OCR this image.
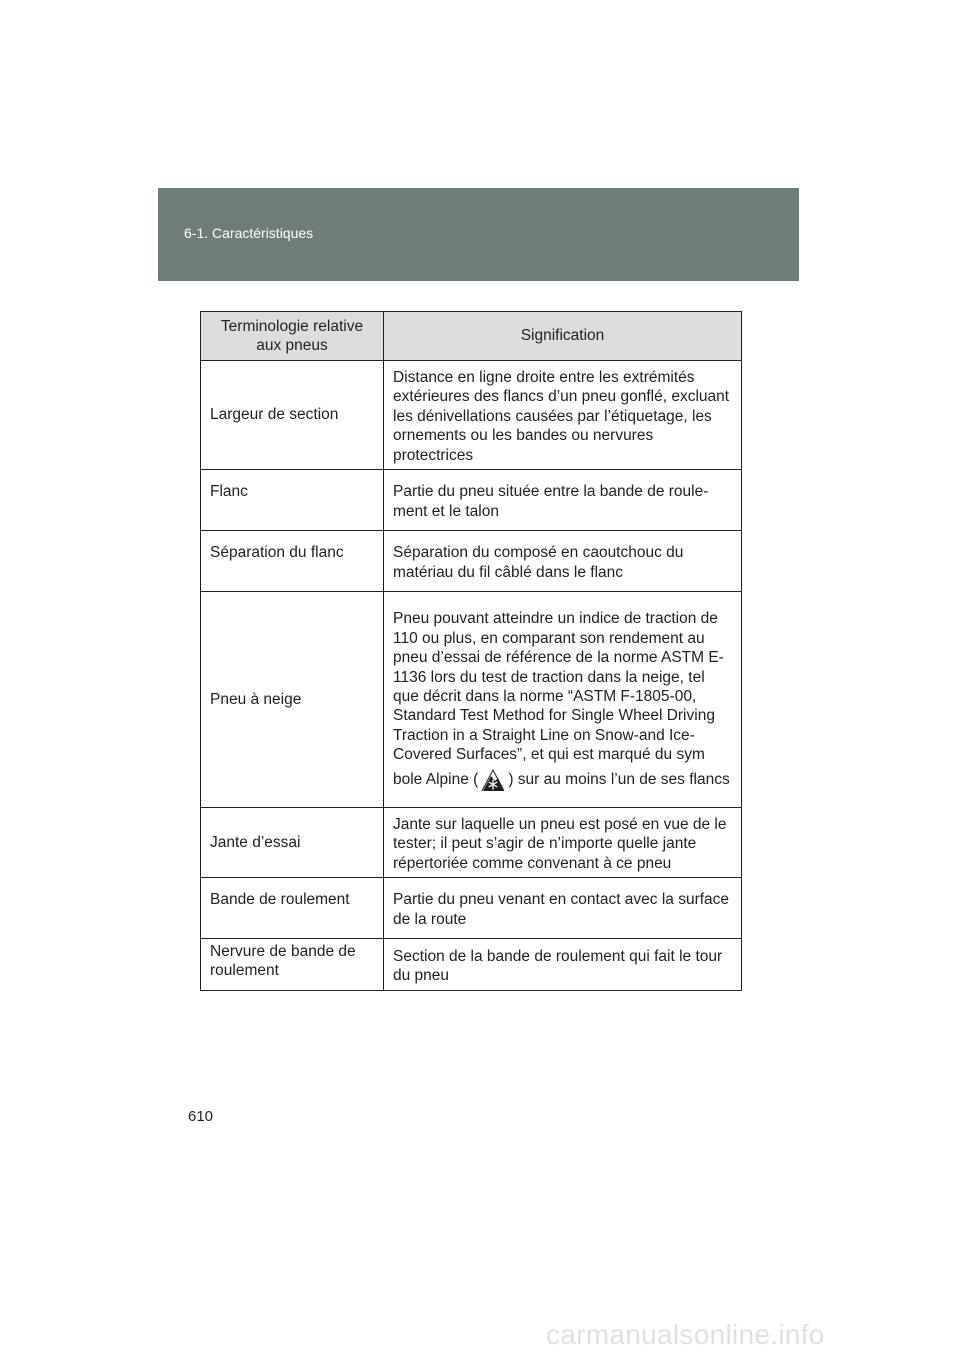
6-1. Caractéristiques
Terminologie relative aux pneus	Signification
Largeur de section	Distance en ligne droite entre les extrémités extérieures des flancs d’un pneu gonflé, excluant les dénivellations causées par l’étiquetage, les ornements ou les bandes ou nervures protectrices
Flanc	Partie du pneu située entre la bande de roulement et le talon
Séparation du flanc	Séparation du composé en caoutchouc du matériau du fil câblé dans le flanc
Pneu à neige	Pneu pouvant atteindre un indice de traction de 110 ou plus, en comparant son rendement au pneu d’essai de référence de la norme ASTM E-1136 lors du test de traction dans la neige, tel que décrit dans la norme “ASTM F-1805-00, Standard Test Method for Single Wheel Driving Traction in a Straight Line on Snow-and Ice-Covered Surfaces”, et qui est marqué du sym
bole Alpine ( ) sur au moins l’un de ses flancs

Jante d’essai	Jante sur laquelle un pneu est posé en vue de le tester; il peut s’agir de n’importe quelle jante répertoriée comme convenant à ce pneu
Bande de roulement	Partie du pneu venant en contact avec la surface de la route
Nervure de bande de roulement	Section de la bande de roulement qui fait le tour du pneu
610
carmanualsonline.info
